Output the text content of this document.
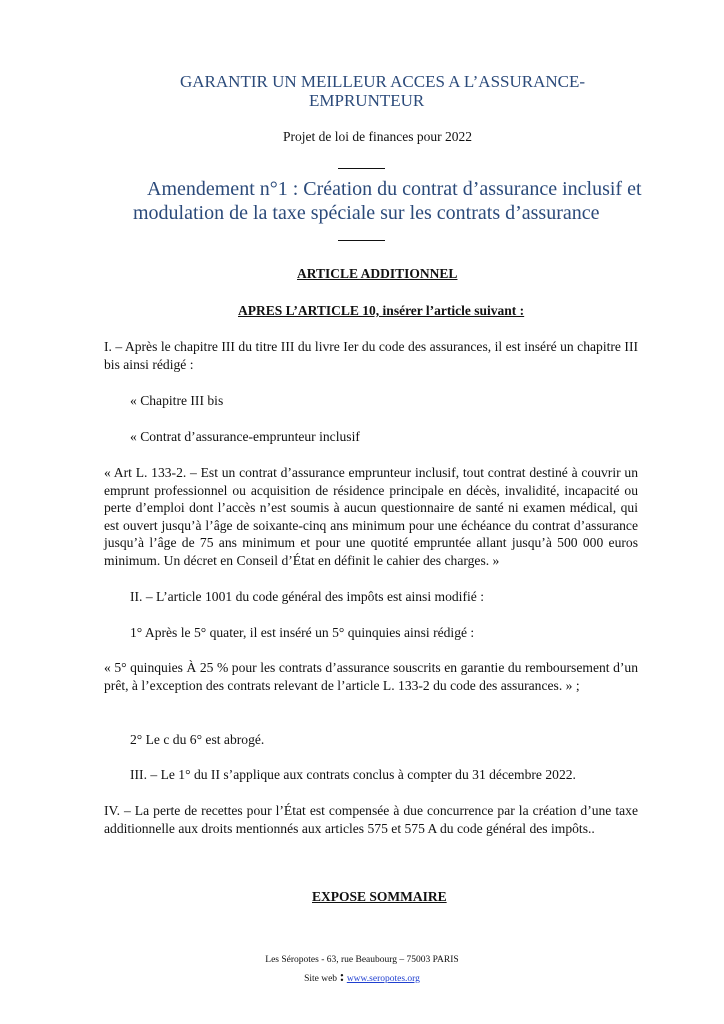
GARANTIR UN MEILLEUR ACCES A L’ASSURANCE-
EMPRUNTEUR
Projet de loi de finances pour 2022
Amendement n°1 : Création du contrat d’assurance inclusif et
modulation de la taxe spéciale sur les contrats d’assurance
ARTICLE ADDITIONNEL
APRES L’ARTICLE 10, insérer l’article suivant :
I. – Après le chapitre III du titre III du livre Ier du code des assurances, il est inséré un chapitre III bis ainsi rédigé :
« Chapitre III bis
« Contrat d’assurance-emprunteur inclusif
« Art L. 133-2. – Est un contrat d’assurance emprunteur inclusif, tout contrat destiné à couvrir un emprunt professionnel ou acquisition de résidence principale en décès, invalidité, incapacité ou perte d’emploi dont l’accès n’est soumis à aucun questionnaire de santé ni examen médical, qui est ouvert jusqu’à l’âge de soixante-cinq ans minimum pour une échéance du contrat d’assurance jusqu’à l’âge de 75 ans minimum et pour une quotité empruntée allant jusqu’à 500 000 euros minimum. Un décret en Conseil d’État en définit le cahier des charges. »
II. – L’article 1001 du code général des impôts est ainsi modifié :
1° Après le 5° quater, il est inséré un 5° quinquies ainsi rédigé :
« 5° quinquies À 25 % pour les contrats d’assurance souscrits en garantie du remboursement d’un prêt, à l’exception des contrats relevant de l’article L. 133-2 du code des assurances. » ;
2° Le c du 6° est abrogé.
III. – Le 1° du II s’applique aux contrats conclus à compter du 31 décembre 2022.
IV. – La perte de recettes pour l’État est compensée à due concurrence par la création d’une taxe additionnelle aux droits mentionnés aux articles 575 et 575 A du code général des impôts..
EXPOSE SOMMAIRE
Les Séropotes - 63, rue Beaubourg – 75003 PARIS
Site web : www.seropotes.org
